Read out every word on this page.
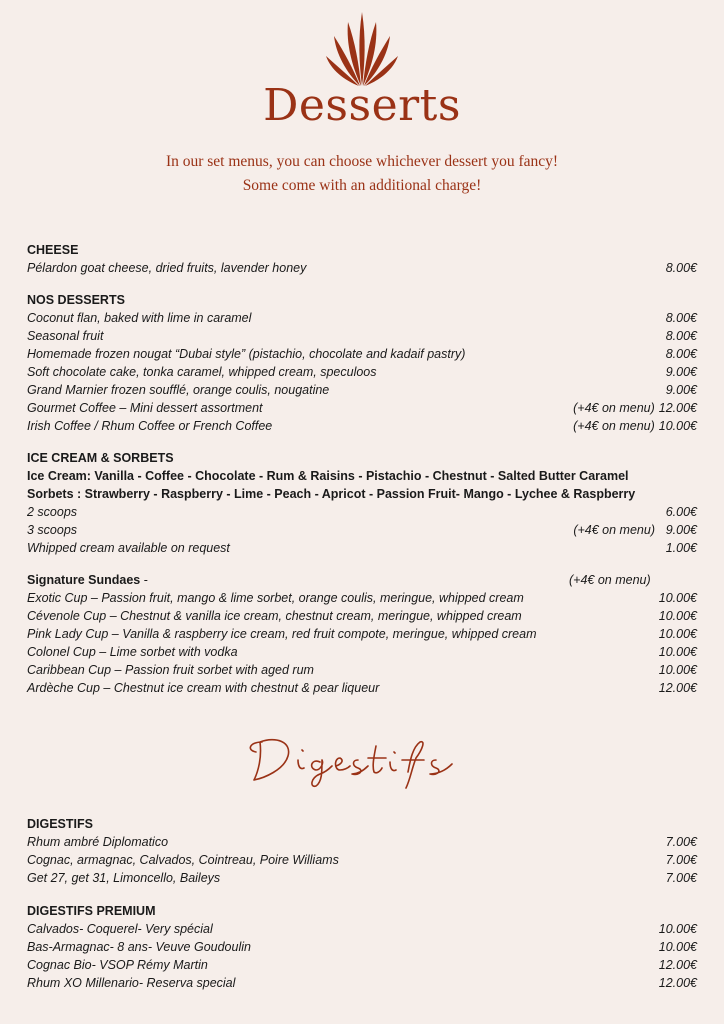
Desserts
In our set menus, you can choose whichever dessert you fancy!
Some come with an additional charge!
CHEESE
Pélardon goat cheese, dried fruits, lavender honey	8.00€
NOS DESSERTS
Coconut flan, baked with lime in caramel	8.00€
Seasonal fruit	8.00€
Homemade frozen nougat “Dubai style” (pistachio, chocolate and kadaif pastry)	8.00€
Soft chocolate cake, tonka caramel, whipped cream, speculoos	9.00€
Grand Marnier frozen soufflé, orange coulis, nougatine	9.00€
Gourmet Coffee – Mini dessert assortment	(+4€ on menu) 12.00€
Irish Coffee / Rhum Coffee or French Coffee	(+4€ on menu) 10.00€
ICE CREAM & SORBETS
Ice Cream: Vanilla - Coffee - Chocolate - Rum & Raisins - Pistachio - Chestnut - Salted Butter Caramel
Sorbets : Strawberry - Raspberry - Lime - Peach - Apricot - Passion Fruit- Mango - Lychee & Raspberry
2 scoops	6.00€
3 scoops	(+4€ on menu) 9.00€
Whipped cream available on request	1.00€
Signature Sundaes -	(+4€ on menu)
Exotic Cup – Passion fruit, mango & lime sorbet, orange coulis, meringue, whipped cream	10.00€
Cévenole Cup – Chestnut & vanilla ice cream, chestnut cream, meringue, whipped cream	10.00€
Pink Lady Cup – Vanilla & raspberry ice cream, red fruit compote, meringue, whipped cream	10.00€
Colonel Cup – Lime sorbet with vodka	10.00€
Caribbean Cup – Passion fruit sorbet with aged rum	10.00€
Ardèche Cup – Chestnut ice cream with chestnut & pear liqueur	12.00€
DIGESTIFS
Rhum ambré Diplomatico	7.00€
Cognac, armagnac, Calvados, Cointreau, Poire Williams	7.00€
Get 27, get 31, Limoncello, Baileys	7.00€
DIGESTIFS PREMIUM
Calvados- Coquerel- Very spécial	10.00€
Bas-Armagnac- 8 ans- Veuve Goudoulin	10.00€
Cognac Bio- VSOP Rémy Martin	12.00€
Rhum XO Millenario- Reserva special	12.00€
